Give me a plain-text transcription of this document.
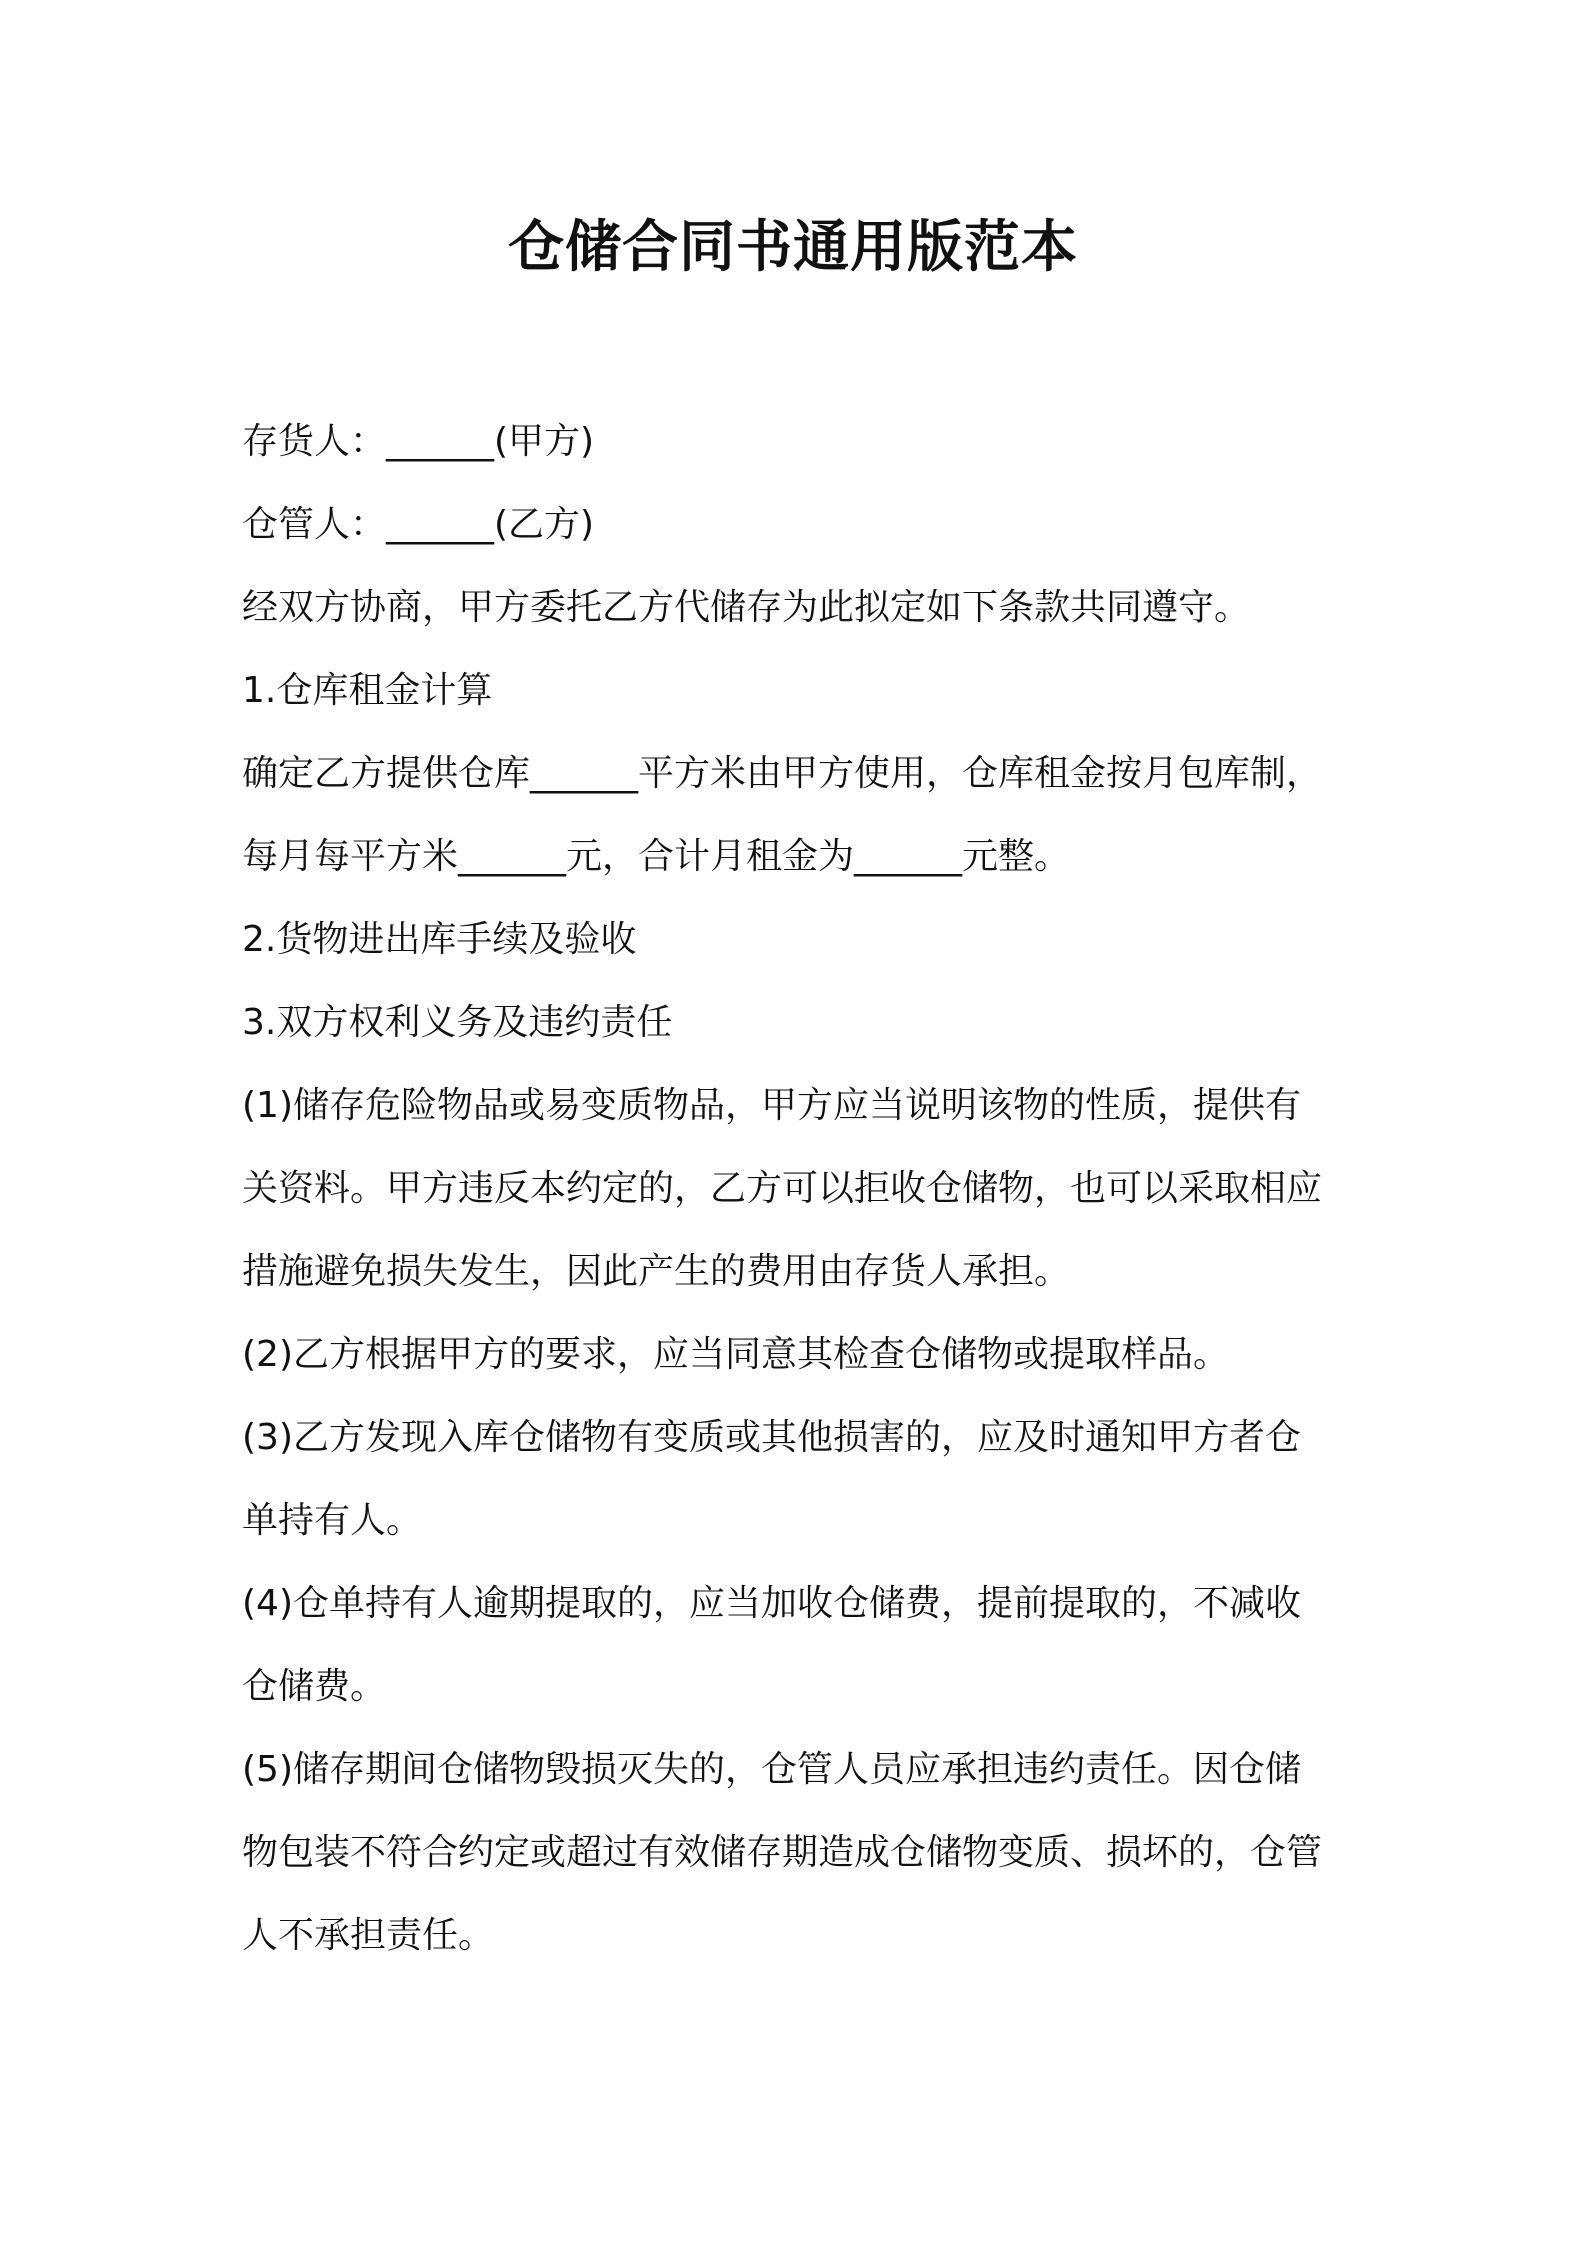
仓储合同书通用版范本
存货人：______(甲方)
仓管人：______(乙方)
经双方协商，甲方委托乙方代储存为此拟定如下条款共同遵守。
1.仓库租金计算
确定乙方提供仓库______平方米由甲方使用，仓库租金按月包库制，
每月每平方米______元，合计月租金为______元整。
2.货物进出库手续及验收
3.双方权利义务及违约责任
(1)储存危险物品或易变质物品，甲方应当说明该物的性质，提供有
关资料。甲方违反本约定的，乙方可以拒收仓储物，也可以采取相应
措施避免损失发生，因此产生的费用由存货人承担。
(2)乙方根据甲方的要求，应当同意其检查仓储物或提取样品。
(3)乙方发现入库仓储物有变质或其他损害的，应及时通知甲方者仓
单持有人。
(4)仓单持有人逾期提取的，应当加收仓储费，提前提取的，不减收
仓储费。
(5)储存期间仓储物毁损灭失的，仓管人员应承担违约责任。因仓储
物包装不符合约定或超过有效储存期造成仓储物变质、损坏的，仓管
人不承担责任。
